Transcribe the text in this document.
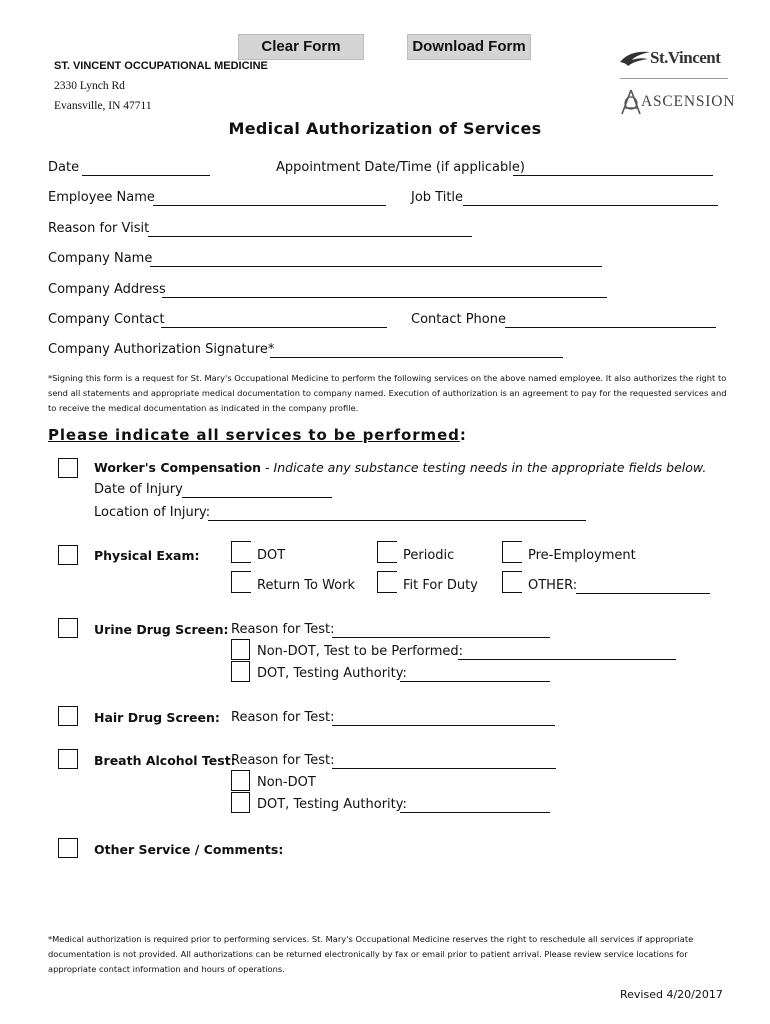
Clear Form	Download Form
ST. VINCENT OCCUPATIONAL MEDICINE
2330 Lynch Rd
Evansville, IN 47711
St.Vincent
ASCENSION
Medical Authorization of Services
Date	Appointment Date/Time (if applicable)
Employee Name	Job Title
Reason for Visit
Company Name
Company Address
Company Contact	Contact Phone
Company Authorization Signature*
*Signing this form is a request for St. Mary's Occupational Medicine to perform the following services on the above named employee. It also authorizes the right to
send all statements and appropriate medical documentation to company named. Execution of authorization is an agreement to pay for the requested services and
to receive the medical documentation as indicated in the company profile.
Please indicate all services to be performed:
Worker's Compensation - Indicate any substance testing needs in the appropriate fields below.
Date of Injury
Location of Injury:
Physical Exam:	DOT	Periodic	Pre-Employment
Return To Work	Fit For Duty	OTHER:
Urine Drug Screen: Reason for Test:
Non-DOT, Test to be Performed:
DOT, Testing Authority:
Hair Drug Screen: Reason for Test:
Breath Alcohol Test:
Reason for Test:
Non-DOT
DOT, Testing Authority:
Other Service / Comments:
*Medical authorization is required prior to performing services. St. Mary's Occupational Medicine reserves the right to reschedule all services if appropriate
documentation is not provided. All authorizations can be returned electronically by fax or email prior to patient arrival. Please review service locations for
appropriate contact information and hours of operations.
Revised 4/20/2017
